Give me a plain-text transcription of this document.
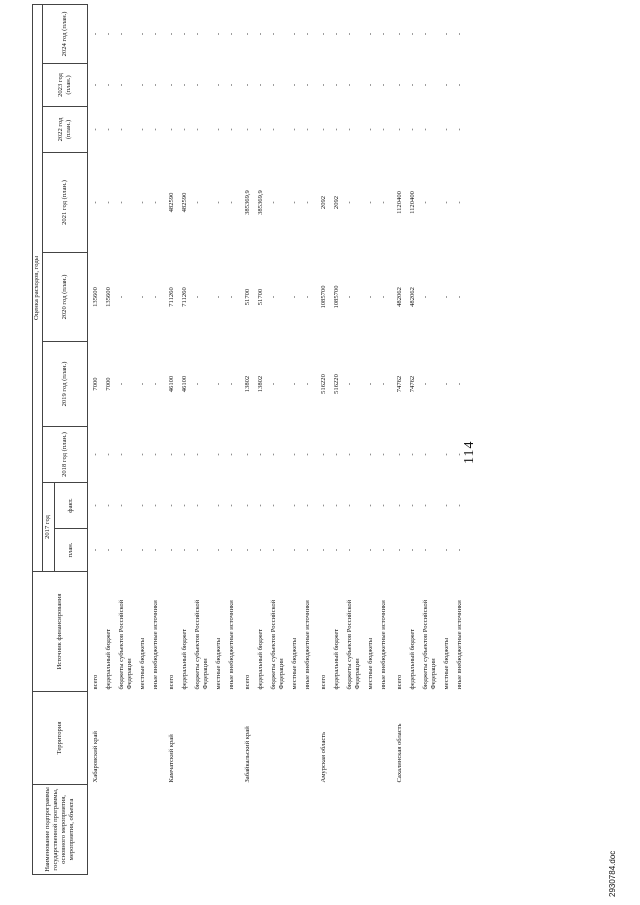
114
Наименование подпрограммы государственной программы, основного мероприятия, мероприятия, объекта	Территория	Источник финансирования	Оценка расходов, годы								
			2017 год		2018 год (план.)	2019 год (план.)	2020 год (план.)	2021 год (план.)	2022 год (план.)	2023 год (план.)	2024 год (план.)
			план.	факт.							
	Хабаровский край	всего	-	-	-	7000	135600	-	-	-	-
		федеральный бюджет	-	-	-	7000	135600	-	-	-	-
		бюджеты субъектов Российской Федерации	-	-	-	-	-	-	-	-	-
		местные бюджеты	-	-	-	-	-	-	-	-	-
		иные внебюджетные источники	-	-	-	-	-	-	-	-	-
	Камчатский край	всего	-	-	-	46100	711260	482590	-	-	-
		федеральный бюджет	-	-	-	46100	711260	482590	-	-	-
		бюджеты субъектов Российской Федерации	-	-	-	-	-	-	-	-	-
		местные бюджеты	-	-	-	-	-	-	-	-	-
		иные внебюджетные источники	-	-	-	-	-	-	-	-	-
	Забайкальский край	всего	-	-	-	13802	51700	385369,9	-	-	-
		федеральный бюджет	-	-	-	13802	51700	385369,9	-	-	-
		бюджеты субъектов Российской Федерации	-	-	-	-	-	-	-	-	-
		местные бюджеты	-	-	-	-	-	-	-	-	-
		иные внебюджетные источники	-	-	-	-	-	-	-	-	-
	Амурская область	всего	-	-	-	516220	1085700	2092	-	-	-
		федеральный бюджет	-	-	-	516220	1085700	2092	-	-	-
		бюджеты субъектов Российской Федерации	-	-	-	-	-	-	-	-	-
		местные бюджеты	-	-	-	-	-	-	-	-	-
		иные внебюджетные источники	-	-	-	-	-	-	-	-	-
	Сахалинская область	всего	-	-	-	74762	482062	1120400	-	-	-
		федеральный бюджет	-	-	-	74762	482062	1120400	-	-	-
		бюджеты субъектов Российской Федерации	-	-	-	-	-	-	-	-	-
		местные бюджеты	-	-	-	-	-	-	-	-	-
		иные внебюджетные источники	-	-	-	-	-	-	-	-	-
2930784.doc
